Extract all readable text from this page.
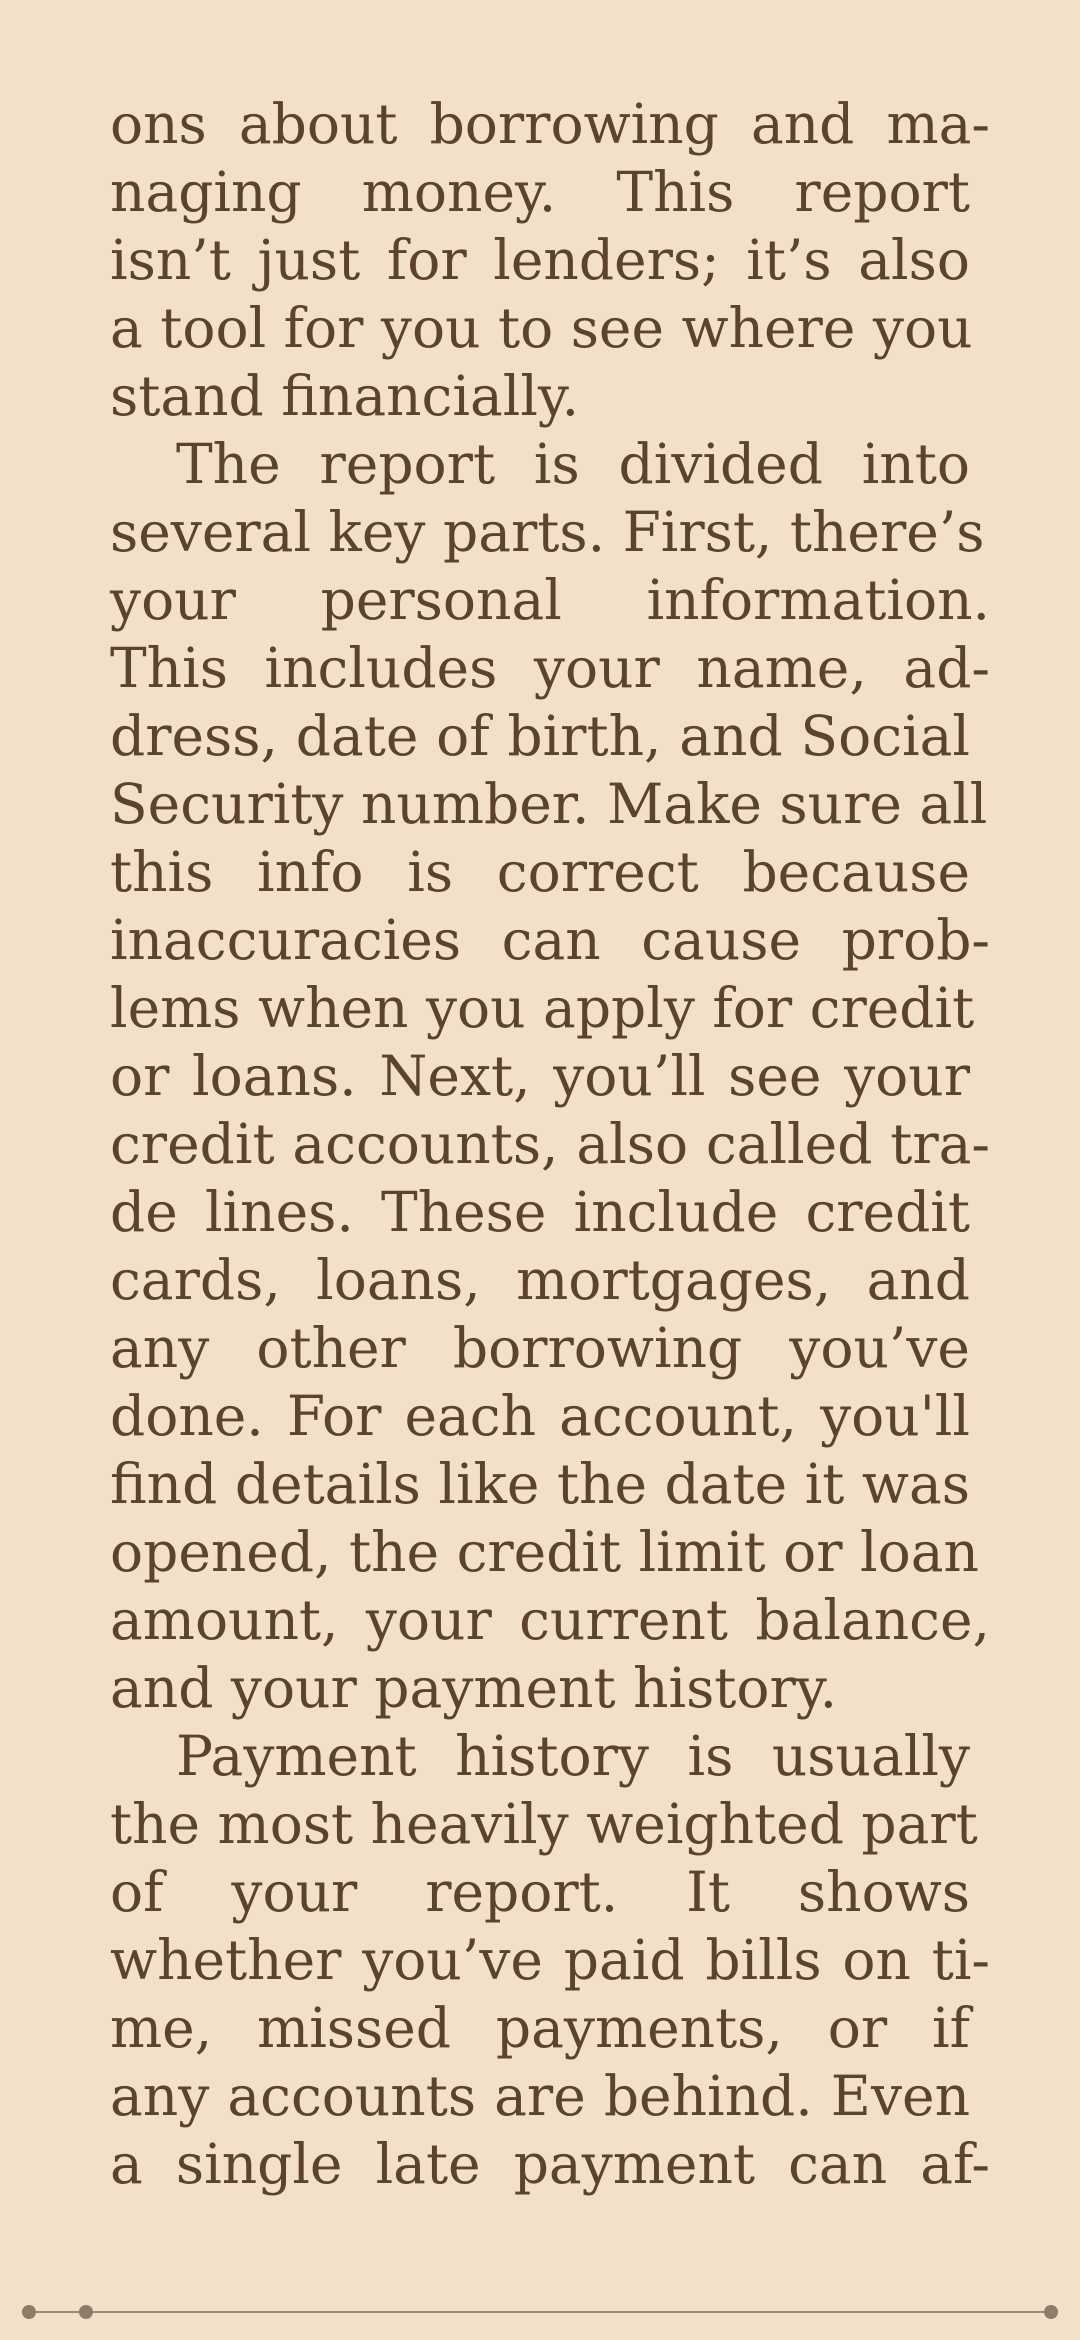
ons about borrowing and ma-
naging money. This report
isn’t just for lenders; it’s also
a tool for you to see where you
stand financially.
The report is divided into
several key parts. First, there’s
your personal information.
This includes your name, ad-
dress, date of birth, and Social
Security number. Make sure all
this info is correct because
inaccuracies can cause prob-
lems when you apply for credit
or loans. Next, you’ll see your
credit accounts, also called tra-
de lines. These include credit
cards, loans, mortgages, and
any other borrowing you’ve
done. For each account, you'll
find details like the date it was
opened, the credit limit or loan
amount, your current balance,
and your payment history.
Payment history is usually
the most heavily weighted part
of your report. It shows
whether you’ve paid bills on ti-
me, missed payments, or if
any accounts are behind. Even
a single late payment can af-
